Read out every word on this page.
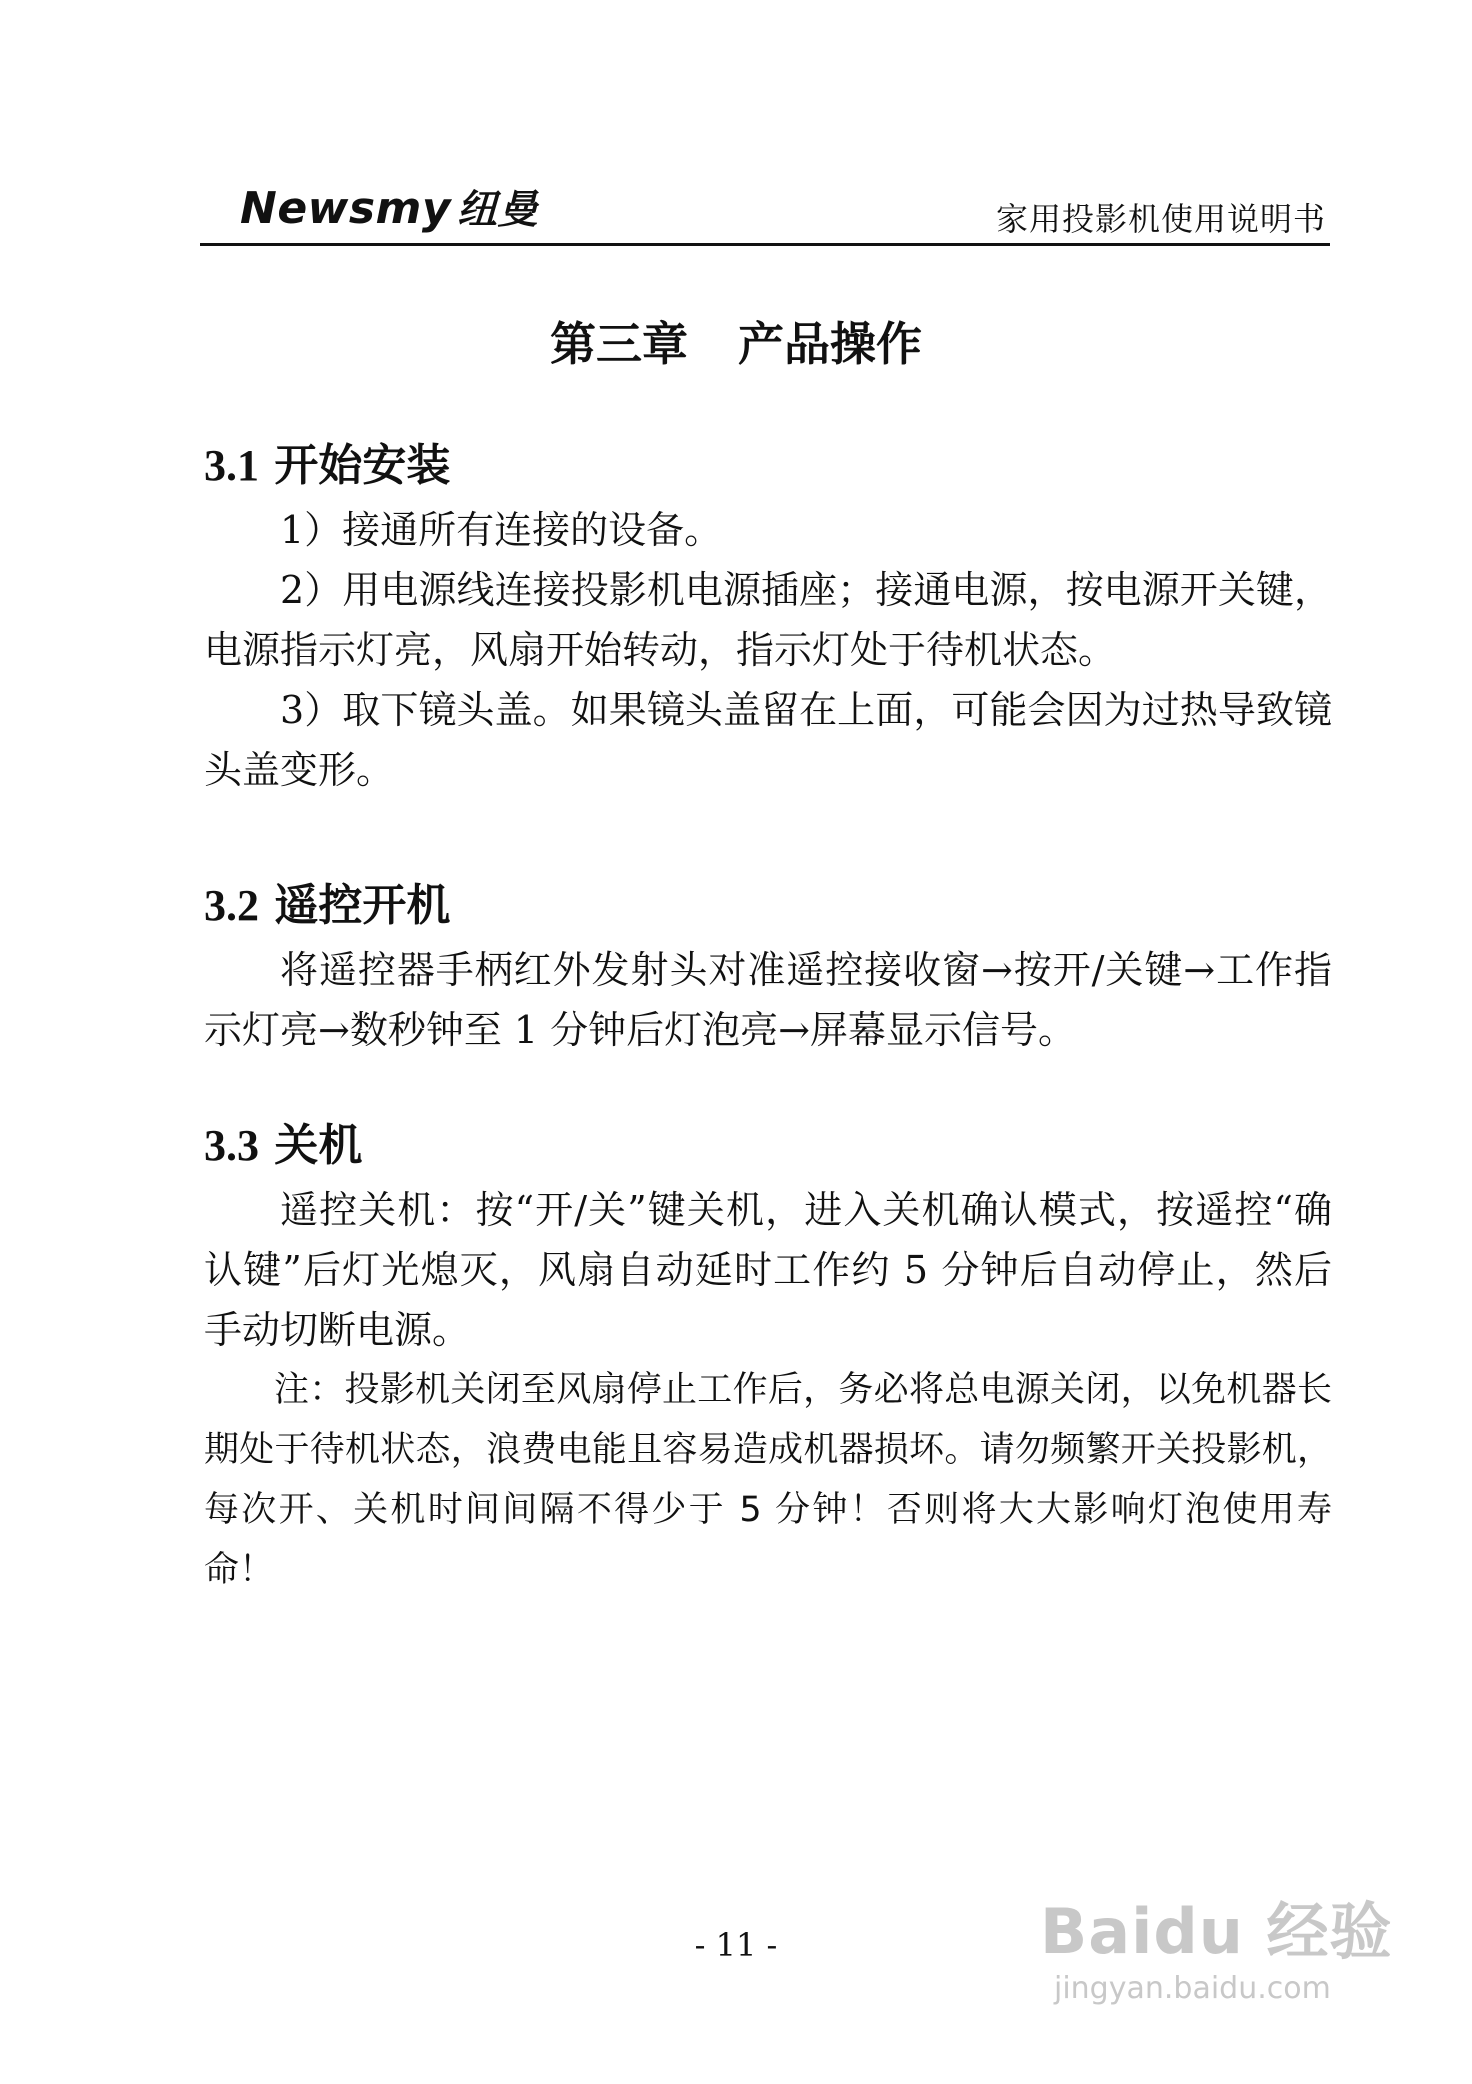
Newsmy 纽曼	家用投影机使用说明书
第三章 产品操作
3.1 开始安装

1）接通所有连接的设备。

2）用电源线连接投影机电源插座；接通电源，按电源开关键，电源指示灯亮，风扇开始转动，指示灯处于待机状态。

3）取下镜头盖。如果镜头盖留在上面，可能会因为过热导致镜头盖变形。

3.2 遥控开机

将遥控器手柄红外发射头对准遥控接收窗→按开/关键→工作指示灯亮→数秒钟至 1 分钟后灯泡亮→屏幕显示信号。

3.3 关机

遥控关机：按“开/关”键关机，进入关机确认模式，按遥控“确认键”后灯光熄灭，风扇自动延时工作约 5 分钟后自动停止，然后手动切断电源。

注：投影机关闭至风扇停止工作后，务必将总电源关闭，以免机器长期处于待机状态，浪费电能且容易造成机器损坏。请勿频繁开关投影机，每次开、关机时间间隔不得少于 5 分钟！否则将大大影响灯泡使用寿命！

- 11 -	Baidu 经验
jingyan.baidu.com
